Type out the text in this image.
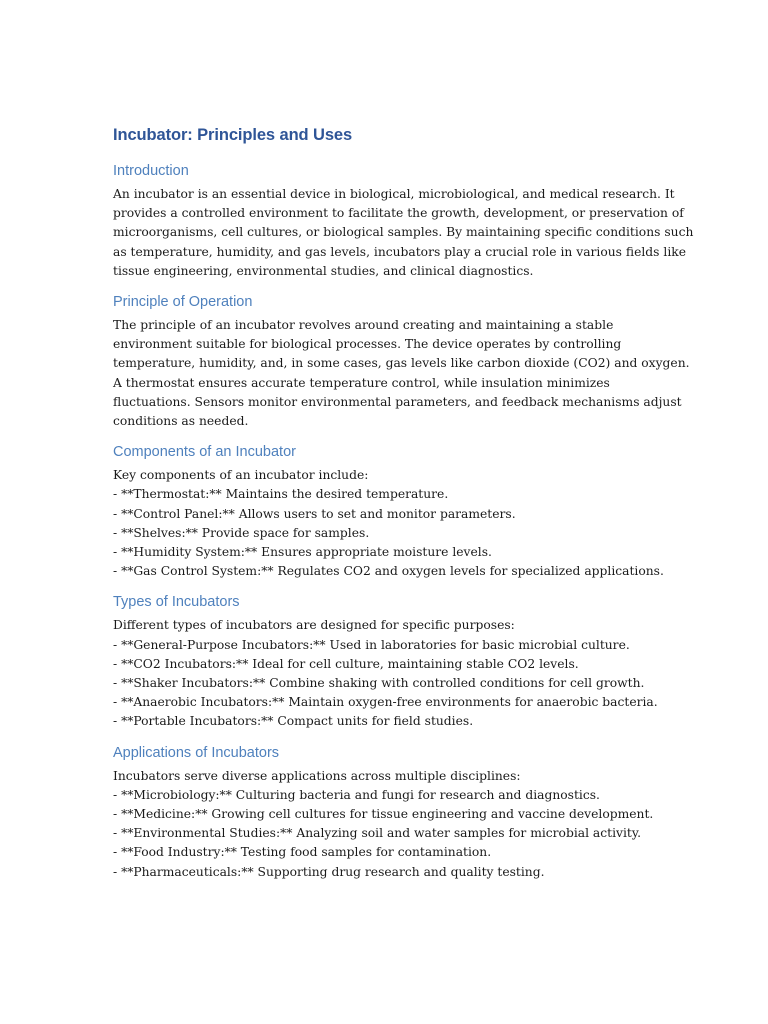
Incubator: Principles and Uses
Introduction

An incubator is an essential device in biological, microbiological, and medical research. It
provides a controlled environment to facilitate the growth, development, or preservation of
microorganisms, cell cultures, or biological samples. By maintaining specific conditions such
as temperature, humidity, and gas levels, incubators play a crucial role in various fields like
tissue engineering, environmental studies, and clinical diagnostics.

Principle of Operation

The principle of an incubator revolves around creating and maintaining a stable
environment suitable for biological processes. The device operates by controlling
temperature, humidity, and, in some cases, gas levels like carbon dioxide (CO2) and oxygen.
A thermostat ensures accurate temperature control, while insulation minimizes
fluctuations. Sensors monitor environmental parameters, and feedback mechanisms adjust
conditions as needed.

Components of an Incubator

Key components of an incubator include:
- **Thermostat:** Maintains the desired temperature.
- **Control Panel:** Allows users to set and monitor parameters.
- **Shelves:** Provide space for samples.
- **Humidity System:** Ensures appropriate moisture levels.
- **Gas Control System:** Regulates CO2 and oxygen levels for specialized applications.

Types of Incubators

Different types of incubators are designed for specific purposes:
- **General-Purpose Incubators:** Used in laboratories for basic microbial culture.
- **CO2 Incubators:** Ideal for cell culture, maintaining stable CO2 levels.
- **Shaker Incubators:** Combine shaking with controlled conditions for cell growth.
- **Anaerobic Incubators:** Maintain oxygen-free environments for anaerobic bacteria.
- **Portable Incubators:** Compact units for field studies.

Applications of Incubators

Incubators serve diverse applications across multiple disciplines:
- **Microbiology:** Culturing bacteria and fungi for research and diagnostics.
- **Medicine:** Growing cell cultures for tissue engineering and vaccine development.
- **Environmental Studies:** Analyzing soil and water samples for microbial activity.
- **Food Industry:** Testing food samples for contamination.
- **Pharmaceuticals:** Supporting drug research and quality testing.
